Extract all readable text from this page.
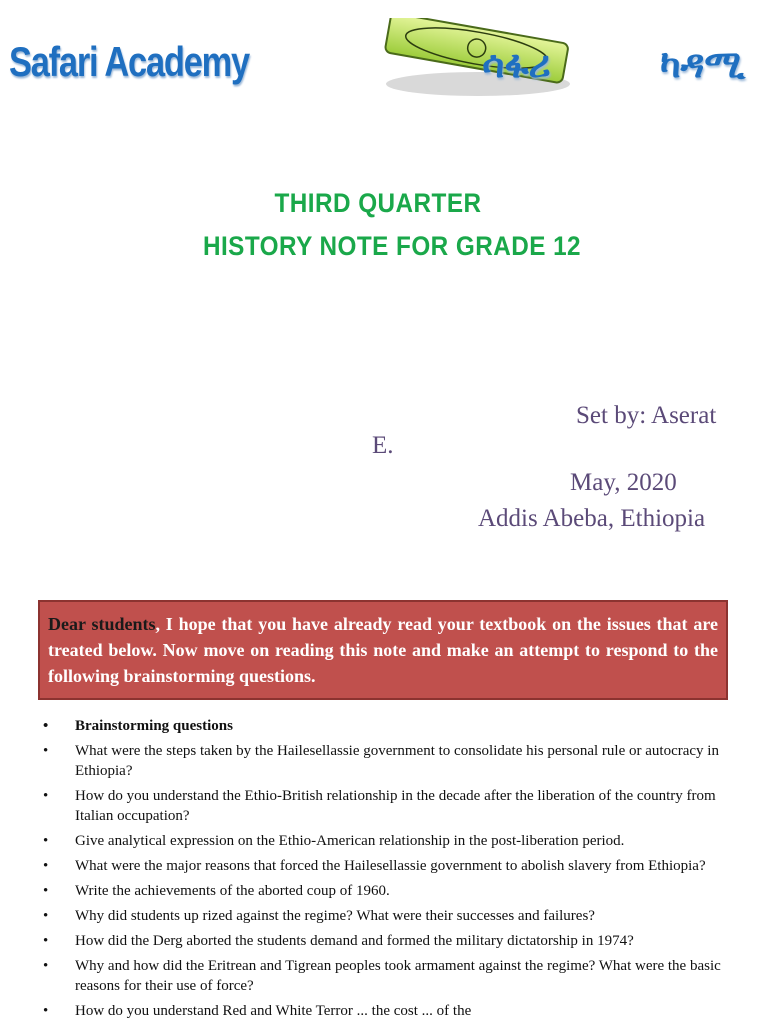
Safari Academy	ሳፋሪ	ካዳሚ
THIRD QUARTER
HISTORY NOTE FOR GRADE 12
Set by: Aserat
E.
May, 2020
Addis Abeba, Ethiopia
Dear students, I hope that you have already read your textbook on the issues that are treated below. Now move on reading this note and make an attempt to respond to the following brainstorming questions.
• Brainstorming questions
• What were the steps taken by the Hailesellassie government to consolidate his personal rule or autocracy in Ethiopia?
• How do you understand the Ethio-British relationship in the decade after the liberation of the country from Italian occupation?
• Give analytical expression on the Ethio-American relationship in the post-liberation period.
• What were the major reasons that forced the Hailesellassie government to abolish slavery from Ethiopia?
• Write the achievements of the aborted coup of 1960.
• Why did students up rized against the regime? What were their successes and failures?
• How did the Derg aborted the students demand and formed the military dictatorship in 1974?
• Why and how did the Eritrean and Tigrean peoples took armament against the regime? What were the basic reasons for their use of force?
• How do you understand Red and White Terror ... the cost ... of the
